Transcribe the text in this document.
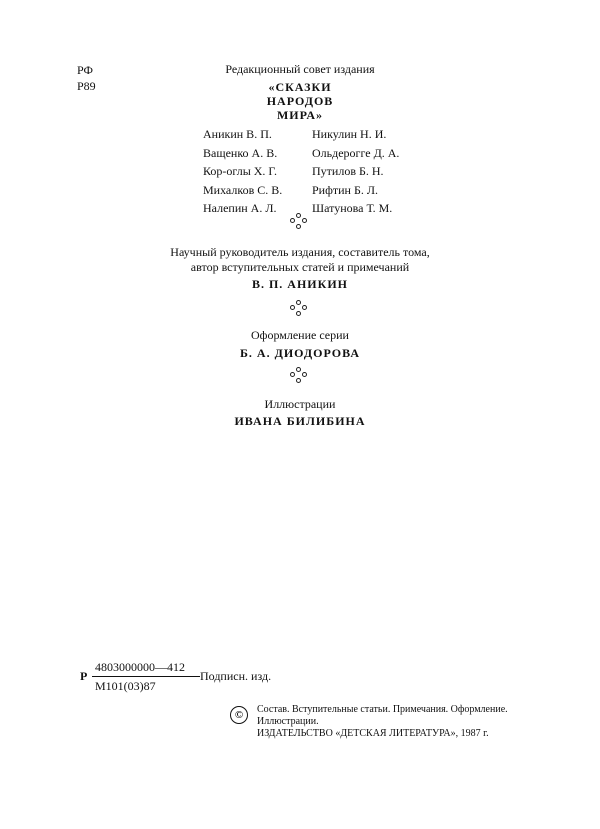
РФ
Р89
Редакционный совет издания
«СКАЗКИ
НАРОДОВ
МИРА»
Аникин В. П.
Ващенко А. В.
Кор-оглы Х. Г.
Михалков С. В.
Налепин А. Л.
Никулин Н. И.
Ольдерогге Д. А.
Путилов Б. Н.
Рифтин Б. Л.
Шатунова Т. М.
Научный руководитель издания, составитель тома,
автор вступительных статей и примечаний
В. П. АНИКИН
Оформление серии
Б. А. ДИОДОРОВА
Иллюстрации
ИВАНА БИЛИБИНА
Р
4803000000—412
М101(03)87
Подписн. изд.
©	Состав. Вступительные статьи. Примечания. Оформление.
Иллюстрации.
ИЗДАТЕЛЬСТВО «ДЕТСКАЯ ЛИТЕРАТУРА», 1987 г.
